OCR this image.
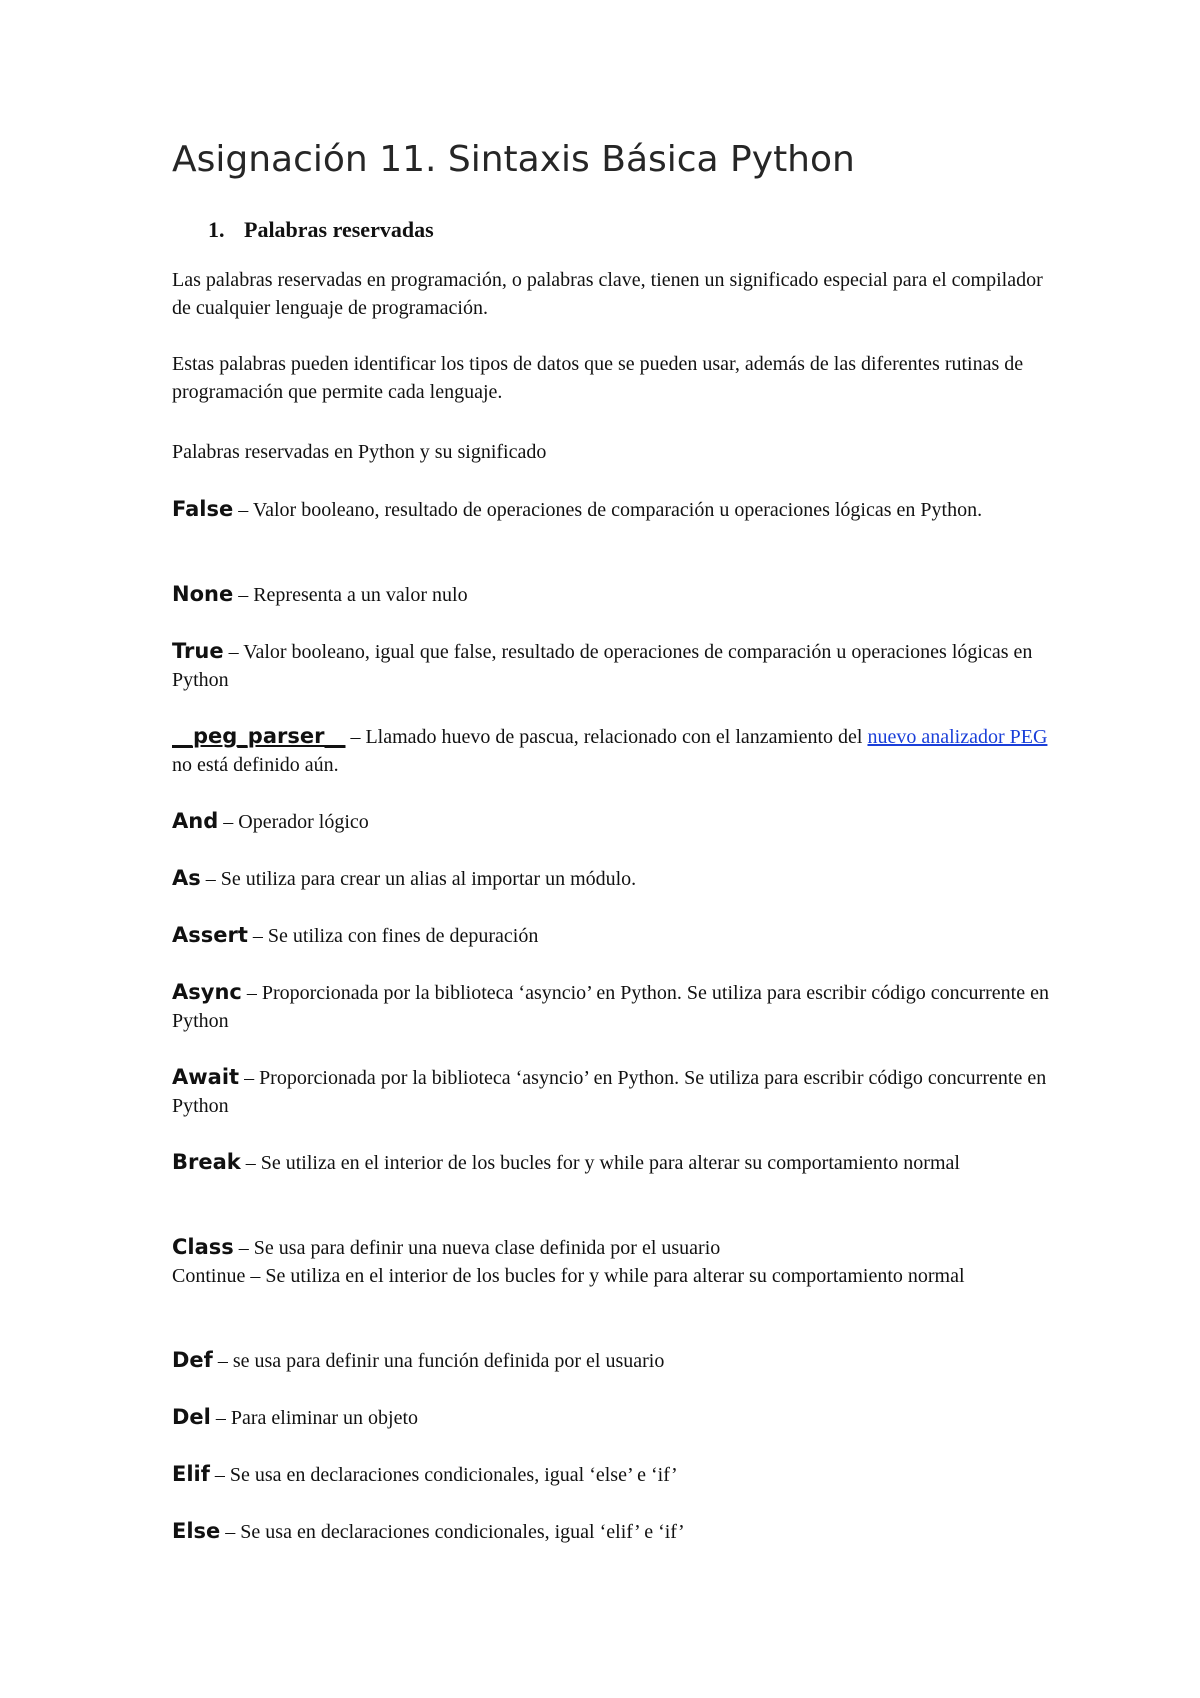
Asignación 11. Sintaxis Básica Python
1. Palabras reservadas

Las palabras reservadas en programación, o palabras clave, tienen un significado especial para el compilador de cualquier lenguaje de programación.

Estas palabras pueden identificar los tipos de datos que se pueden usar, además de las diferentes rutinas de programación que permite cada lenguaje.

Palabras reservadas en Python y su significado

False – Valor booleano, resultado de operaciones de comparación u operaciones lógicas en Python.

None – Representa a un valor nulo

True – Valor booleano, igual que false, resultado de operaciones de comparación u operaciones lógicas en Python

__peg_parser__ – Llamado huevo de pascua, relacionado con el lanzamiento del nuevo analizador PEG no está definido aún.

And – Operador lógico

As – Se utiliza para crear un alias al importar un módulo.

Assert – Se utiliza con fines de depuración

Async – Proporcionada por la biblioteca ‘asyncio’ en Python. Se utiliza para escribir código concurrente en Python

Await – Proporcionada por la biblioteca ‘asyncio’ en Python. Se utiliza para escribir código concurrente en Python

Break – Se utiliza en el interior de los bucles for y while para alterar su comportamiento normal

Class – Se usa para definir una nueva clase definida por el usuario
Continue – Se utiliza en el interior de los bucles for y while para alterar su comportamiento normal

Def – se usa para definir una función definida por el usuario

Del – Para eliminar un objeto

Elif – Se usa en declaraciones condicionales, igual ‘else’ e ‘if’

Else – Se usa en declaraciones condicionales, igual ‘elif’ e ‘if’
